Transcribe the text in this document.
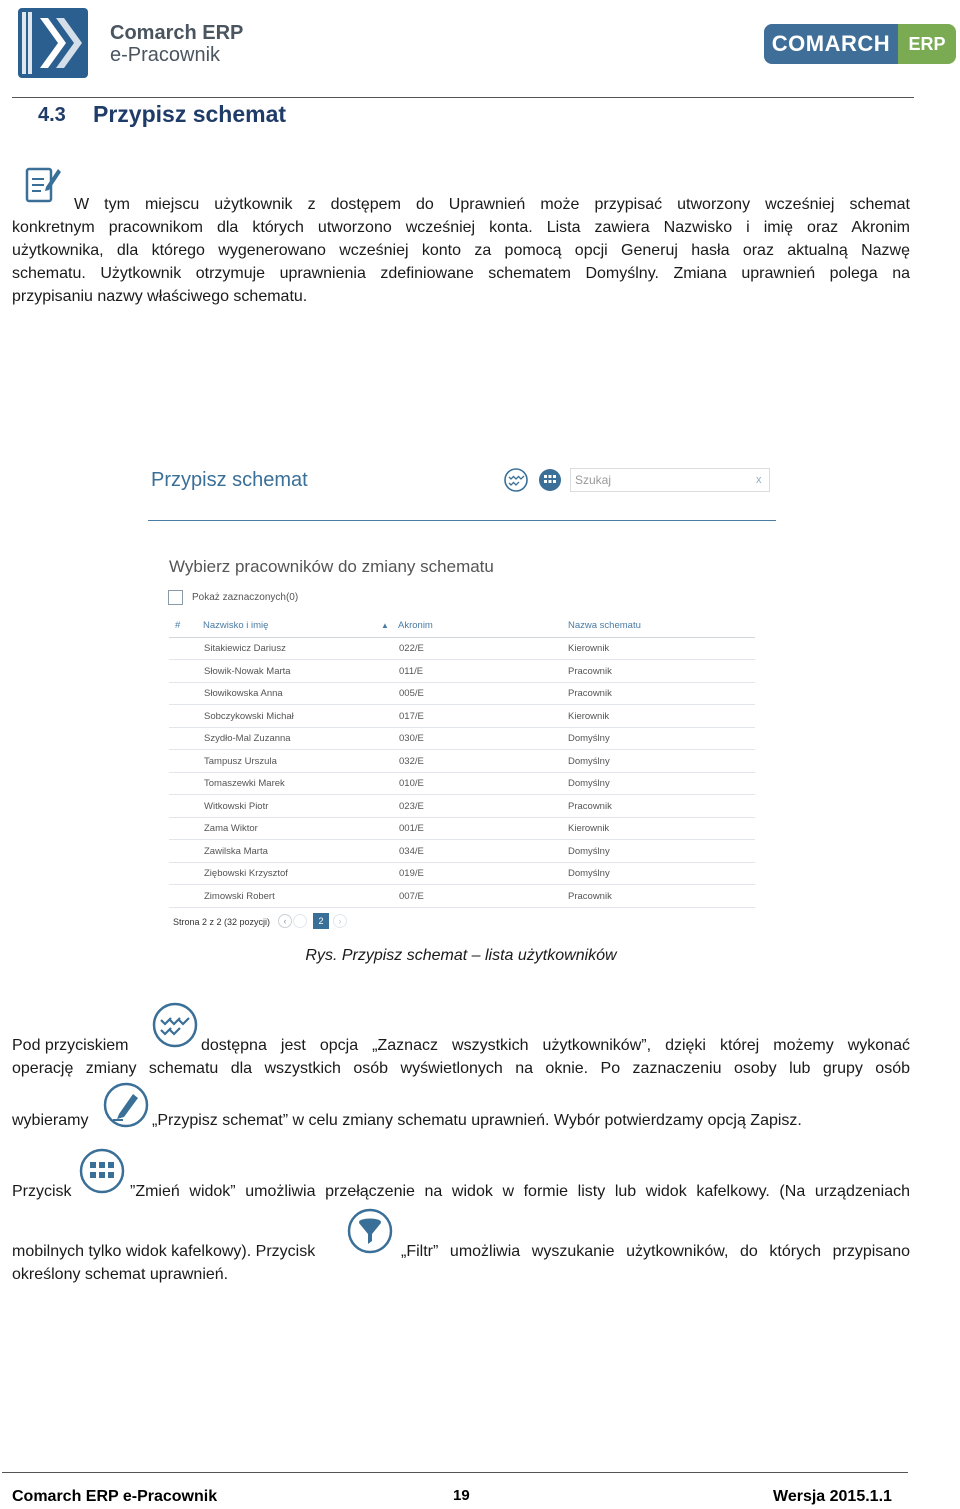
Comarch ERP
e-Pracownik	COMARCH	ERP
4.3 Przypisz schemat
W tym miejscu użytkownik z dostępem do Uprawnień może przypisać utworzony wcześniej schemat
konkretnym pracownikom dla których utworzono wcześniej konta. Lista zawiera Nazwisko i imię oraz Akronim
użytkownika, dla którego wygenerowano wcześniej konto za pomocą opcji Generuj hasła oraz aktualną Nazwę
schematu. Użytkownik otrzymuje uprawnienia zdefiniowane schematem Domyślny. Zmiana uprawnień polega na
przypisaniu nazwy właściwego schematu.
Przypisz schemat	Szukaj	x
Wybierz pracowników do zmiany schematu
Pokaż zaznaczonych(0)
# Nazwisko i imię	▲ Akronim	Nazwa schematu
Sitakiewicz Dariusz	022/E	Kierownik
Słowik-Nowak Marta	011/E	Pracownik
Słowikowska Anna	005/E	Pracownik
Sobczykowski Michał	017/E	Kierownik
Szydło-Mal Zuzanna	030/E	Domyślny
Tampusz Urszula	032/E	Domyślny
Tomaszewki Marek	010/E	Domyślny
Witkowski Piotr	023/E	Pracownik
Zama Wiktor	001/E	Kierownik
Zawilska Marta	034/E	Domyślny
Ziębowski Krzysztof	019/E	Domyślny
Zimowski Robert	007/E	Pracownik
Strona 2 z 2 (32 pozycji)	‹	2	›
Rys. Przypisz schemat – lista użytkowników
Pod przyciskiem	dostępna jest opcja „Zaznacz wszystkich użytkowników”, dzięki której możemy wykonać
operację zmiany schematu dla wszystkich osób wyświetlonych na oknie. Po zaznaczeniu osoby lub grupy osób
wybieramy	„Przypisz schemat” w celu zmiany schematu uprawnień. Wybór potwierdzamy opcją Zapisz.
Przycisk	”Zmień widok” umożliwia przełączenie na widok w formie listy lub widok kafelkowy. (Na urządzeniach
mobilnych tylko widok kafelkowy). Przycisk	„Filtr” umożliwia wyszukanie użytkowników, do których przypisano
określony schemat uprawnień.
Comarch ERP e-Pracownik	19	Wersja 2015.1.1
